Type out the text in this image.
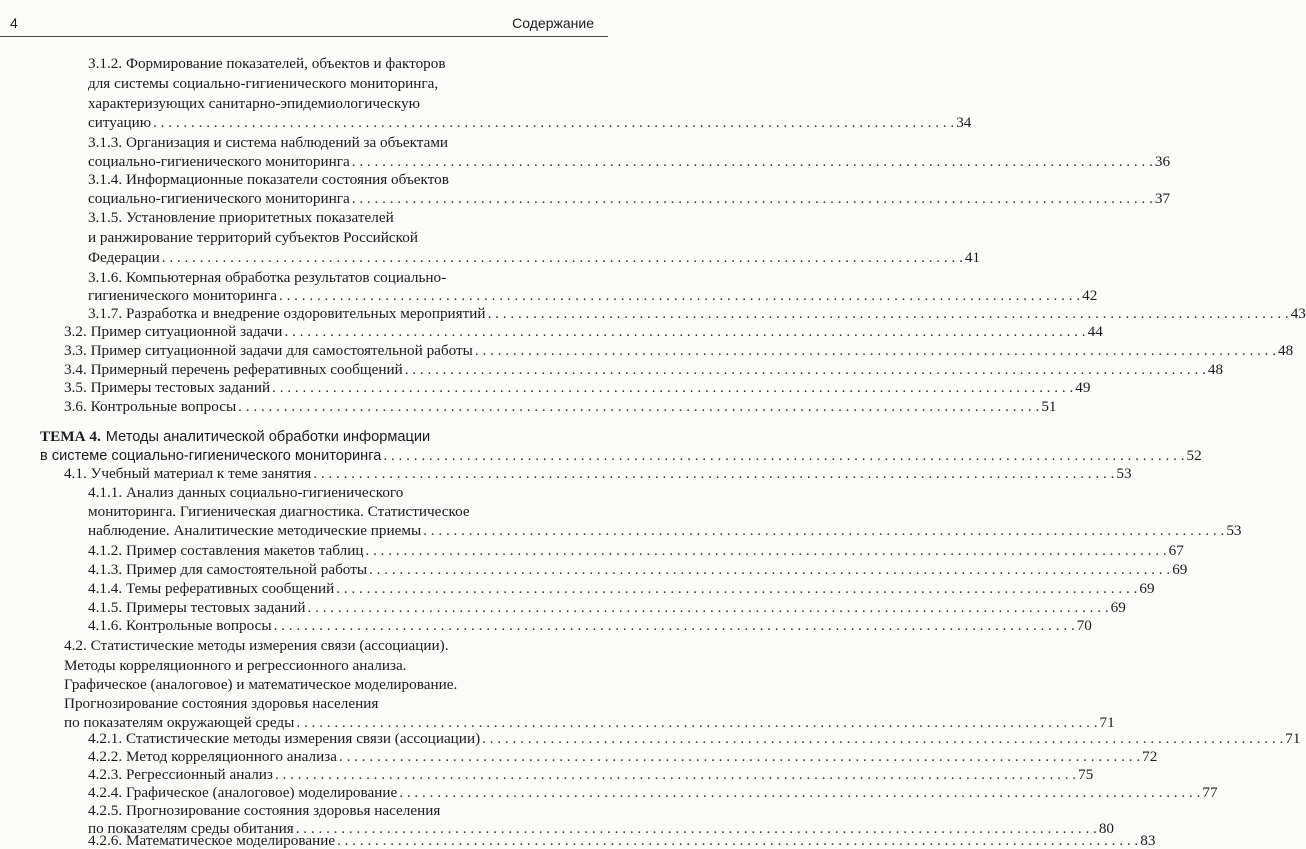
4	Содержание
3.1.2. Формирование показателей, объектов и факторов
для системы социально-гигиенического мониторинга,
характеризующих санитарно-эпидемиологическую
ситуацию . . .	34
3.1.3. Организация и система наблюдений за объектами
социально-гигиенического мониторинга . . .	36
3.1.4. Информационные показатели состояния объектов
социально-гигиенического мониторинга . . .	37
3.1.5. Установление приоритетных показателей
и ранжирование территорий субъектов Российской
Федерации . . .	41
3.1.6. Компьютерная обработка результатов социально-
гигиенического мониторинга . . .	42
3.1.7. Разработка и внедрение оздоровительных мероприятий . . .	43
3.2. Пример ситуационной задачи . . .	44
3.3. Пример ситуационной задачи для самостоятельной работы . . .	48
3.4. Примерный перечень реферативных сообщений . . .	48
3.5. Примеры тестовых заданий . . .	49
3.6. Контрольные вопросы . . .	51
ТЕМА 4. Методы аналитической обработки информации
в системе социально-гигиенического мониторинга . . .	52
4.1. Учебный материал к теме занятия . . .	53
4.1.1. Анализ данных социально-гигиенического
мониторинга. Гигиеническая диагностика. Статистическое
наблюдение. Аналитические методические приемы . . .	53
4.1.2. Пример составления макетов таблиц . . .	67
4.1.3. Пример для самостоятельной работы . . .	69
4.1.4. Темы реферативных сообщений . . .	69
4.1.5. Примеры тестовых заданий . . .	69
4.1.6. Контрольные вопросы . . .	70
4.2. Статистические методы измерения связи (ассоциации).
Методы корреляционного и регрессионного анализа.
Графическое (аналоговое) и математическое моделирование.
Прогнозирование состояния здоровья населения
по показателям окружающей среды . . .	71
4.2.1. Статистические методы измерения связи (ассоциации) . . .	71
4.2.2. Метод корреляционного анализа . . .	72
4.2.3. Регрессионный анализ . . .	75
4.2.4. Графическое (аналоговое) моделирование . . .	77
4.2.5. Прогнозирование состояния здоровья населения
по показателям среды обитания . . .	80
4.2.6. Математическое моделирование . . .	83
